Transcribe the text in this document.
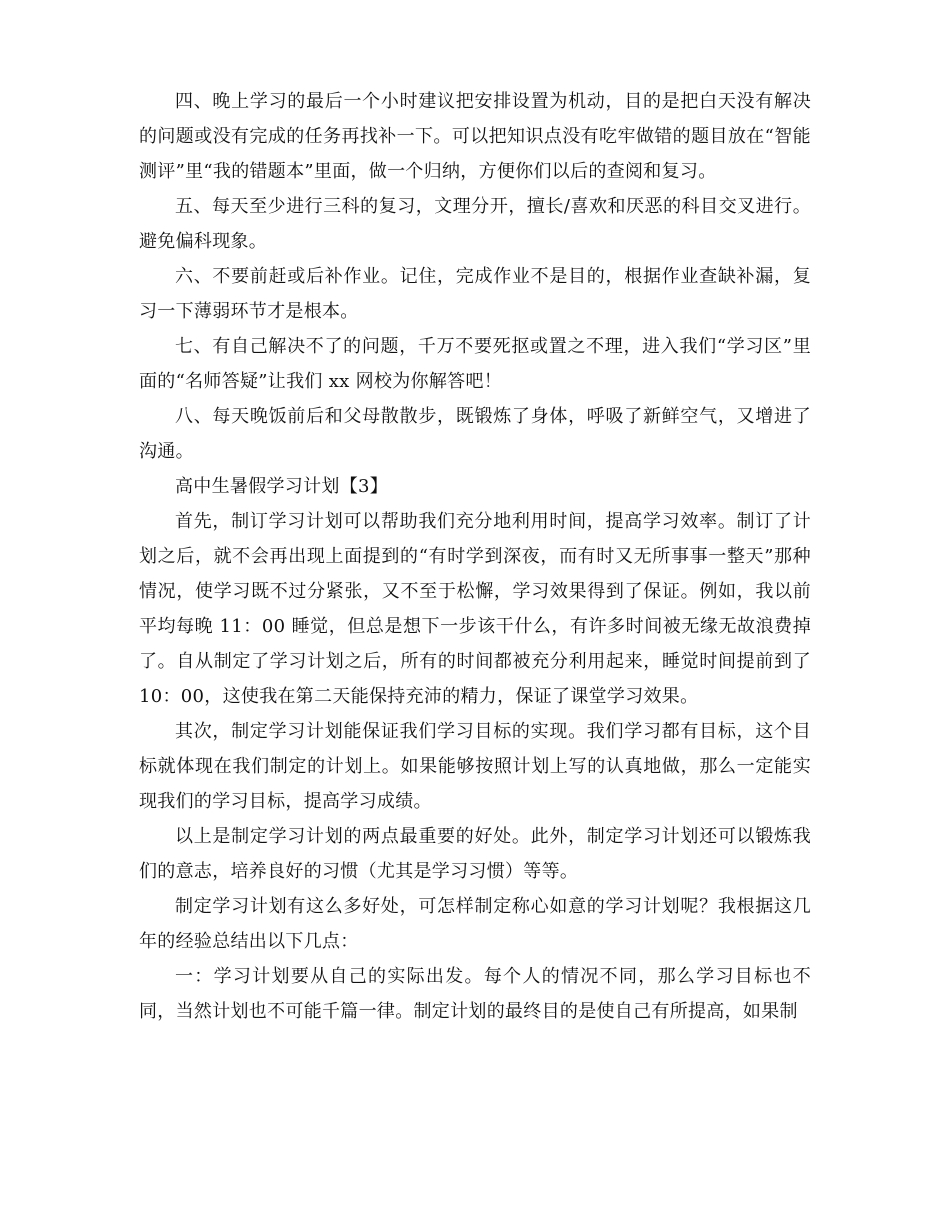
四、晚上学习的最后一个小时建议把安排设置为机动，目的是把白天没有解决的问题或没有完成的任务再找补一下。可以把知识点没有吃牢做错的题目放在“智能测评”里“我的错题本”里面，做一个归纳，方便你们以后的查阅和复习。

五、每天至少进行三科的复习，文理分开，擅长/喜欢和厌恶的科目交叉进行。避免偏科现象。

六、不要前赶或后补作业。记住，完成作业不是目的，根据作业查缺补漏，复习一下薄弱环节才是根本。

七、有自己解决不了的问题，千万不要死抠或置之不理，进入我们“学习区”里面的“名师答疑”让我们 xx 网校为你解答吧！

八、每天晚饭前后和父母散散步，既锻炼了身体，呼吸了新鲜空气，又增进了沟通。

高中生暑假学习计划【3】

首先，制订学习计划可以帮助我们充分地利用时间，提高学习效率。制订了计划之后，就不会再出现上面提到的“有时学到深夜，而有时又无所事事一整天”那种情况，使学习既不过分紧张，又不至于松懈，学习效果得到了保证。例如，我以前平均每晚 11：00 睡觉，但总是想下一步该干什么，有许多时间被无缘无故浪费掉了。自从制定了学习计划之后，所有的时间都被充分利用起来，睡觉时间提前到了 10：00，这使我在第二天能保持充沛的精力，保证了课堂学习效果。

其次，制定学习计划能保证我们学习目标的实现。我们学习都有目标，这个目标就体现在我们制定的计划上。如果能够按照计划上写的认真地做，那么一定能实现我们的学习目标，提高学习成绩。

以上是制定学习计划的两点最重要的好处。此外，制定学习计划还可以锻炼我们的意志，培养良好的习惯（尤其是学习习惯）等等。

制定学习计划有这么多好处，可怎样制定称心如意的学习计划呢？我根据这几年的经验总结出以下几点：

一：学习计划要从自己的实际出发。每个人的情况不同，那么学习目标也不同，当然计划也不可能千篇一律。制定计划的最终目的是使自己有所提高，如果制
